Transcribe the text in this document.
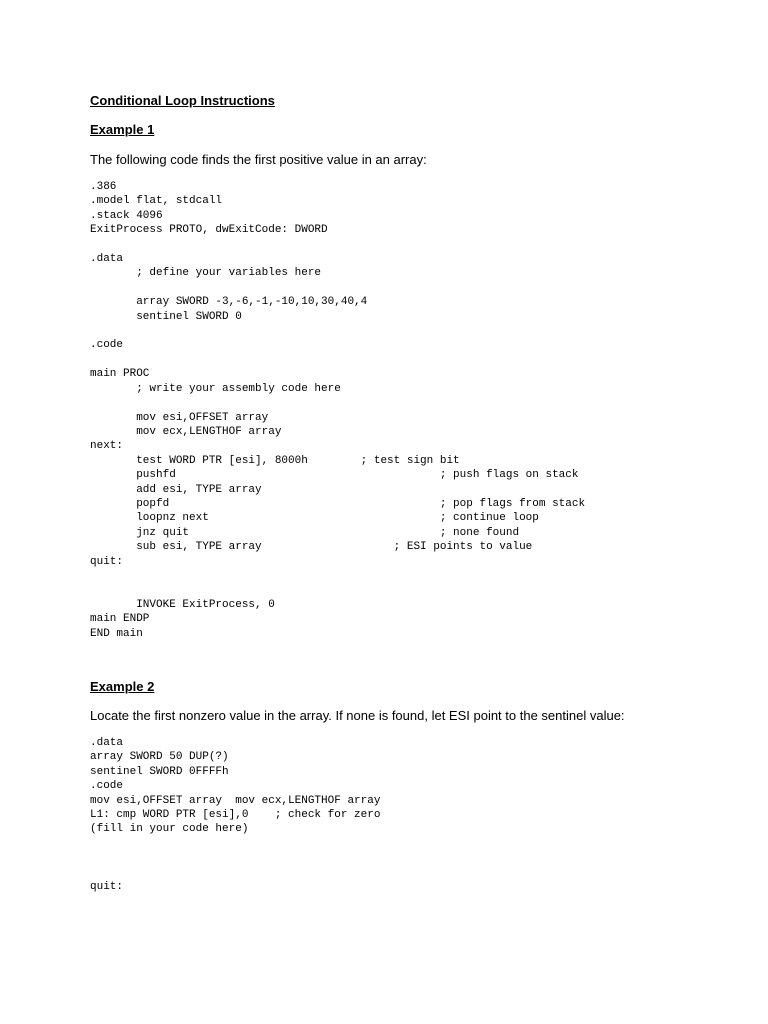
Conditional Loop Instructions
Example 1
The following code finds the first positive value in an array:
.386
.model flat, stdcall
.stack 4096
ExitProcess PROTO, dwExitCode: DWORD

.data
; define your variables here

array SWORD -3,-6,-1,-10,10,30,40,4
sentinel SWORD 0

.code

main PROC
; write your assembly code here

mov esi,OFFSET array
mov ecx,LENGTHOF array
next:
test WORD PTR [esi], 8000h        ; test sign bit
pushfd                                        ; push flags on stack
add esi, TYPE array
popfd                                         ; pop flags from stack
loopnz next                                   ; continue loop
jnz quit                                      ; none found
sub esi, TYPE array                    ; ESI points to value
quit:

INVOKE ExitProcess, 0
main ENDP
END main
Example 2
Locate the first nonzero value in the array. If none is found, let ESI point to the sentinel value:
.data
array SWORD 50 DUP(?)
sentinel SWORD 0FFFFh
.code
mov esi,OFFSET array  mov ecx,LENGTHOF array
L1: cmp WORD PTR [esi],0    ; check for zero
(fill in your code here)

quit:
